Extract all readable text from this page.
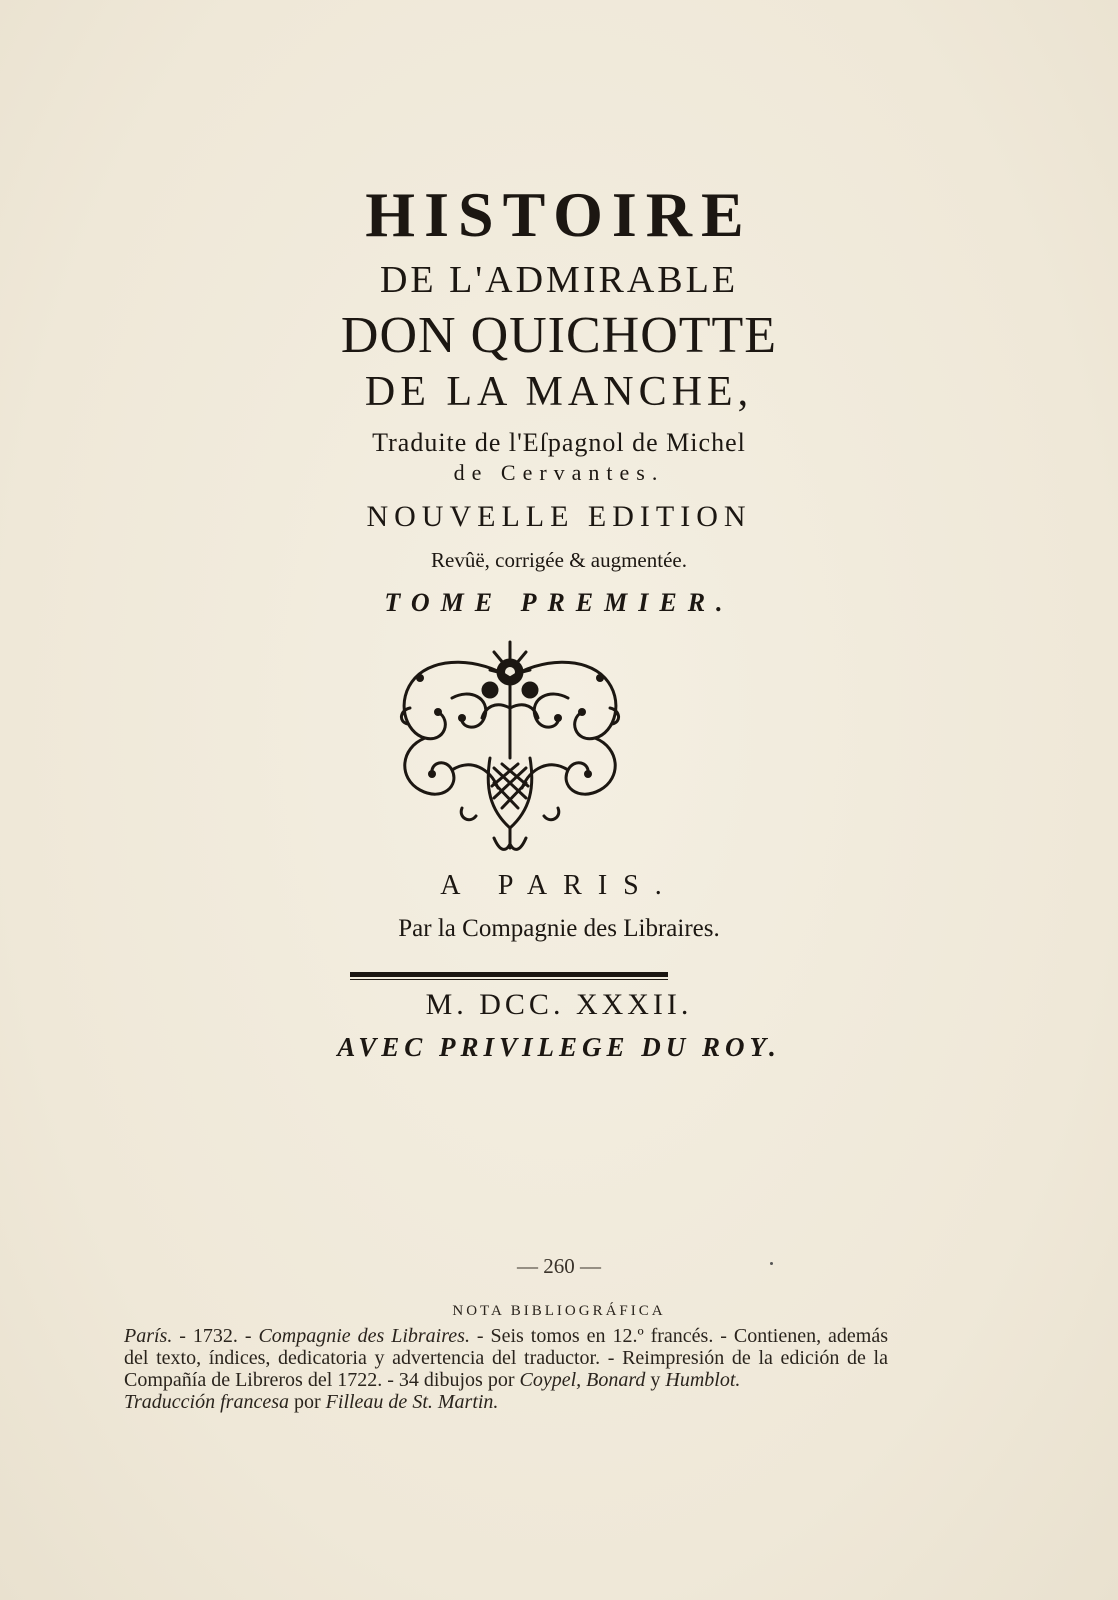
HISTOIRE
DE L'ADMIRABLE
DON QUICHOTTE
DE LA MANCHE,
Traduite de l'Eſpagnol de Michel
de Cervantes.
NOUVELLE EDITION
Revûë, corrigée & augmentée.
TOME PREMIER.
A PARIS.
Par la Compagnie des Libraires.
M. DCC. XXXII.
AVEC PRIVILEGE DU ROY.
— 260 —
NOTA BIBLIOGRÁFICA

París. - 1732. - Compagnie des Libraires. - Seis tomos en 12.º francés. - Contienen, además del texto, índices, dedicatoria y advertencia del traductor. - Reimpresión de la edición de la Compañía de Libreros del 1722. - 34 dibujos por Coypel, Bonard y Humblot.

Traducción francesa por Filleau de St. Martin.
